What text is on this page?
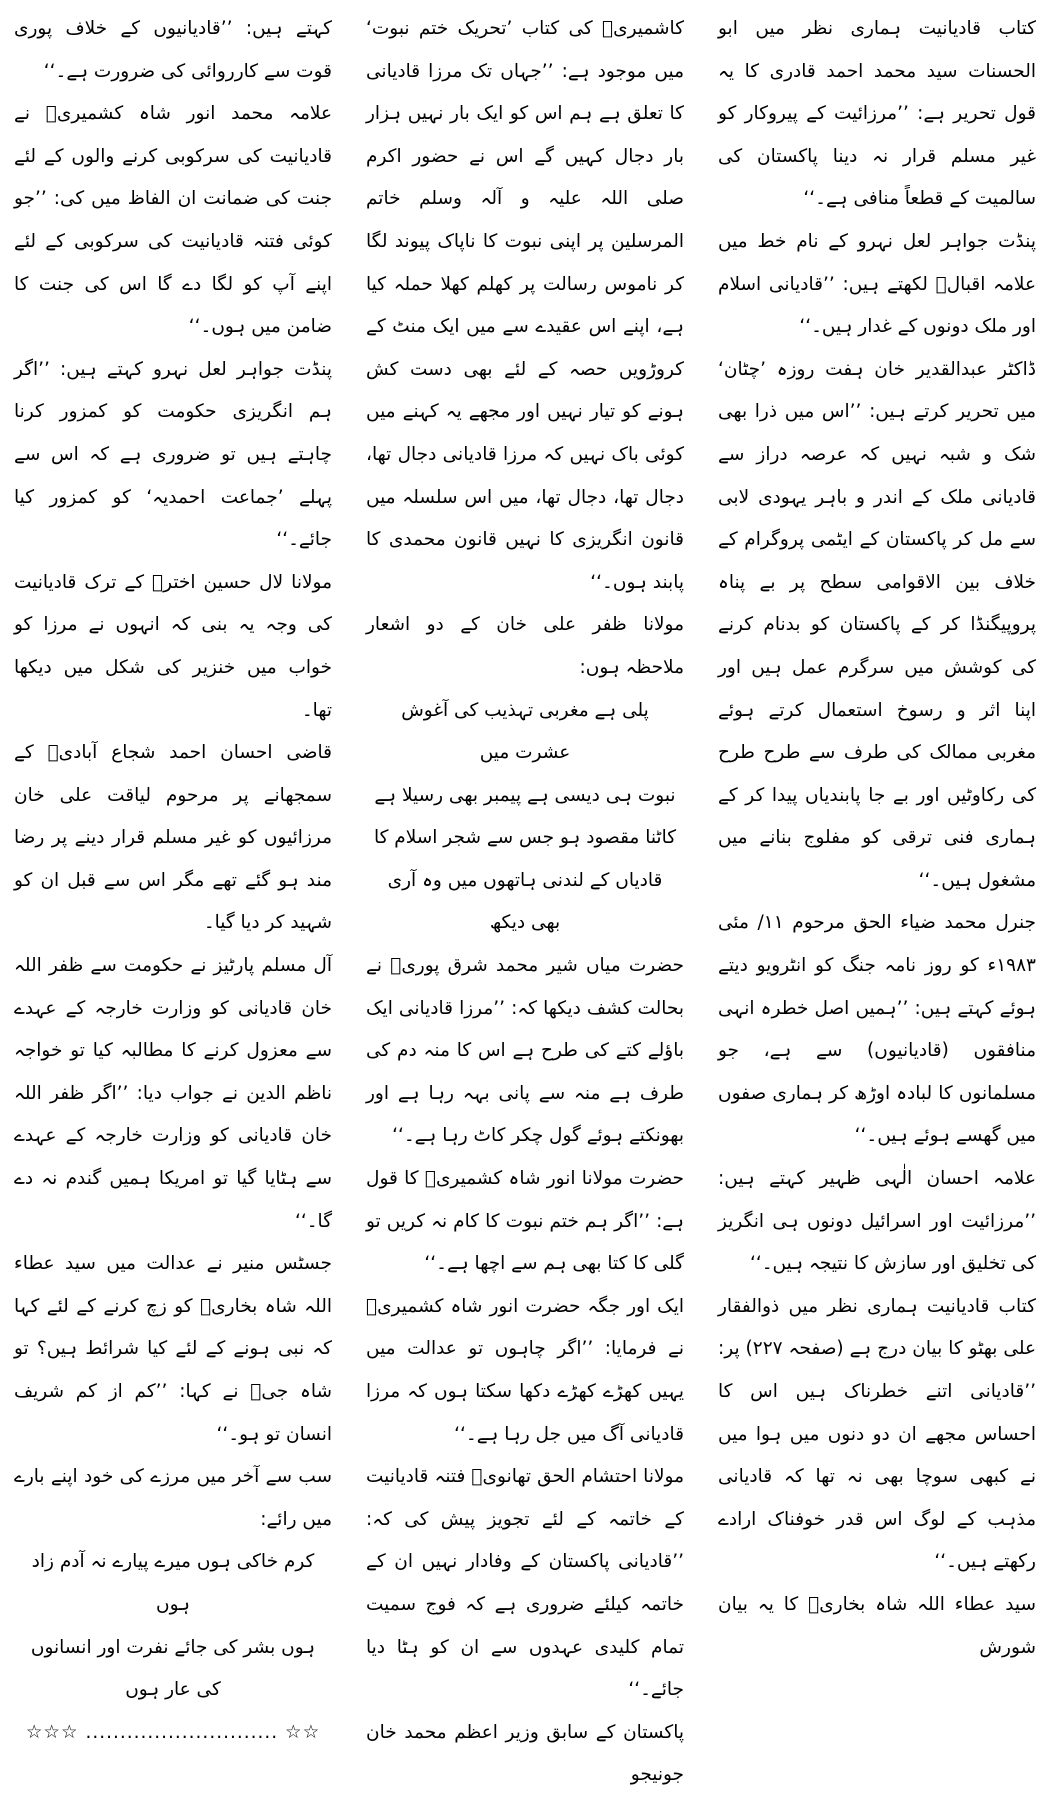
کتاب قادیانیت ہماری نظر میں ابو الحسنات سید محمد احمد قادری کا یہ قول تحریر ہے: ’’مرزائیت کے پیروکار کو غیر مسلم قرار نہ دینا پاکستان کی سالمیت کے قطعاً منافی ہے۔‘‘

پنڈت جواہر لعل نہرو کے نام خط میں علامہ اقبالؒ لکھتے ہیں: ’’قادیانی اسلام اور ملک دونوں کے غدار ہیں۔‘‘

ڈاکٹر عبدالقدیر خان ہفت روزہ ’چٹان‘ میں تحریر کرتے ہیں: ’’اس میں ذرا بھی شک و شبہ نہیں کہ عرصہ دراز سے قادیانی ملک کے اندر و باہر یہودی لابی سے مل کر پاکستان کے ایٹمی پروگرام کے خلاف بین الاقوامی سطح پر بے پناہ پروپیگنڈا کر کے پاکستان کو بدنام کرنے کی کوشش میں سرگرم عمل ہیں اور اپنا اثر و رسوخ استعمال کرتے ہوئے مغربی ممالک کی طرف سے طرح طرح کی رکاوٹیں اور بے جا پابندیاں پیدا کر کے ہماری فنی ترقی کو مفلوج بنانے میں مشغول ہیں۔‘‘

جنرل محمد ضیاء الحق مرحوم ۱۱/ مئی ۱۹۸۳ء کو روز نامہ جنگ کو انٹرویو دیتے ہوئے کہتے ہیں: ’’ہمیں اصل خطرہ انہی منافقوں (قادیانیوں) سے ہے، جو مسلمانوں کا لبادہ اوڑھ کر ہماری صفوں میں گھسے ہوئے ہیں۔‘‘

علامہ احسان الٰہی ظہیر کہتے ہیں: ’’مرزائیت اور اسرائیل دونوں ہی انگریز کی تخلیق اور سازش کا نتیجہ ہیں۔‘‘

کتاب قادیانیت ہماری نظر میں ذوالفقار علی بھٹو کا بیان درج ہے (صفحہ ۲۲۷) پر: ’’قادیانی اتنے خطرناک ہیں اس کا احساس مجھے ان دو دنوں میں ہوا میں نے کبھی سوچا بھی نہ تھا کہ قادیانی مذہب کے لوگ اس قدر خوفناک ارادے رکھتے ہیں۔‘‘

سید عطاء اللہ شاہ بخاریؒ کا یہ بیان شورش

کاشمیریؒ کی کتاب ’تحریک ختم نبوت‘ میں موجود ہے: ’’جہاں تک مرزا قادیانی کا تعلق ہے ہم اس کو ایک بار نہیں ہزار بار دجال کہیں گے اس نے حضور اکرم صلی اللہ علیہ و آلہ وسلم خاتم المرسلین پر اپنی نبوت کا ناپاک پیوند لگا کر ناموس رسالت پر کھلم کھلا حملہ کیا ہے، اپنے اس عقیدے سے میں ایک منٹ کے کروڑویں حصہ کے لئے بھی دست کش ہونے کو تیار نہیں اور مجھے یہ کہنے میں کوئی باک نہیں کہ مرزا قادیانی دجال تھا، دجال تھا، دجال تھا، میں اس سلسلہ میں قانون انگریزی کا نہیں قانون محمدی کا پابند ہوں۔‘‘

مولانا ظفر علی خان کے دو اشعار ملاحظہ ہوں:

پلی ہے مغربی تہذیب کی آغوش عشرت میں

نبوت ہی دیسی ہے پیمبر بھی رسیلا ہے

کاٹنا مقصود ہو جس سے شجر اسلام کا

قادیاں کے لندنی ہاتھوں میں وہ آری بھی دیکھ

حضرت میاں شیر محمد شرق پوریؒ نے بحالت کشف دیکھا کہ: ’’مرزا قادیانی ایک باؤلے کتے کی طرح ہے اس کا منہ دم کی طرف ہے منہ سے پانی بہہ رہا ہے اور بھونکتے ہوئے گول چکر کاٹ رہا ہے۔‘‘

حضرت مولانا انور شاہ کشمیریؒ کا قول ہے: ’’اگر ہم ختم نبوت کا کام نہ کریں تو گلی کا کتا بھی ہم سے اچھا ہے۔‘‘

ایک اور جگہ حضرت انور شاہ کشمیریؒ نے فرمایا: ’’اگر چاہوں تو عدالت میں یہیں کھڑے کھڑے دکھا سکتا ہوں کہ مرزا قادیانی آگ میں جل رہا ہے۔‘‘

مولانا احتشام الحق تھانویؒ فتنہ قادیانیت کے خاتمہ کے لئے تجویز پیش کی کہ: ’’قادیانی پاکستان کے وفادار نہیں ان کے خاتمہ کیلئے ضروری ہے کہ فوج سمیت تمام کلیدی عہدوں سے ان کو ہٹا دیا جائے۔‘‘

پاکستان کے سابق وزیر اعظم محمد خان جونیجو

کہتے ہیں: ’’قادیانیوں کے خلاف پوری قوت سے کارروائی کی ضرورت ہے۔‘‘

علامہ محمد انور شاہ کشمیریؒ نے قادیانیت کی سرکوبی کرنے والوں کے لئے جنت کی ضمانت ان الفاظ میں کی: ’’جو کوئی فتنہ قادیانیت کی سرکوبی کے لئے اپنے آپ کو لگا دے گا اس کی جنت کا ضامن میں ہوں۔‘‘

پنڈت جواہر لعل نہرو کہتے ہیں: ’’اگر ہم انگریزی حکومت کو کمزور کرنا چاہتے ہیں تو ضروری ہے کہ اس سے پہلے ’جماعت احمدیہ‘ کو کمزور کیا جائے۔‘‘

مولانا لال حسین اخترؒ کے ترک قادیانیت کی وجہ یہ بنی کہ انہوں نے مرزا کو خواب میں خنزیر کی شکل میں دیکھا تھا۔

قاضی احسان احمد شجاع آبادیؒ کے سمجھانے پر مرحوم لیاقت علی خان مرزائیوں کو غیر مسلم قرار دینے پر رضا مند ہو گئے تھے مگر اس سے قبل ان کو شہید کر دیا گیا۔

آل مسلم پارٹیز نے حکومت سے ظفر اللہ خان قادیانی کو وزارت خارجہ کے عہدے سے معزول کرنے کا مطالبہ کیا تو خواجہ ناظم الدین نے جواب دیا: ’’اگر ظفر اللہ خان قادیانی کو وزارت خارجہ کے عہدے سے ہٹایا گیا تو امریکا ہمیں گندم نہ دے گا۔‘‘

جسٹس منیر نے عدالت میں سید عطاء اللہ شاہ بخاریؒ کو زچ کرنے کے لئے کہا کہ نبی ہونے کے لئے کیا شرائط ہیں؟ تو شاہ جیؒ نے کہا: ’’کم از کم شریف انسان تو ہو۔‘‘

سب سے آخر میں مرزے کی خود اپنے بارے میں رائے:

کرم خاکی ہوں میرے پیارے نہ آدم زاد ہوں

ہوں بشر کی جائے نفرت اور انسانوں کی عار ہوں

☆☆ ............................ ☆☆☆
